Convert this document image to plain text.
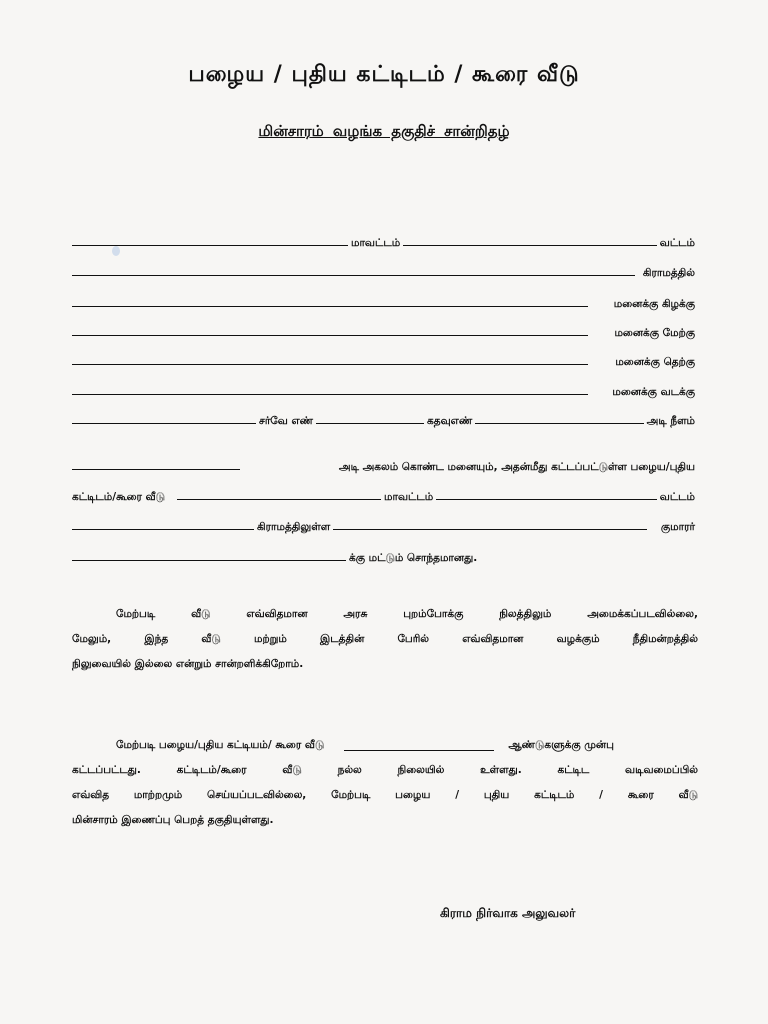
பழைய / புதிய கட்டிடம் / கூரை வீடு
மின்சாரம் வழங்க தகுதிச் சான்றிதழ்
மாவட்டம்	வட்டம்
கிராமத்தில்
மனைக்கு கிழக்கு
மனைக்கு மேற்கு
மனைக்கு தெற்கு
மனைக்கு வடக்கு
சர்வே எண்	கதவுஎண்	அடி நீளம்
அடி அகலம் கொண்ட மனையும், அதன்மீது கட்டப்பட்டுள்ள பழைய/புதிய
கட்டிடம்/கூரை வீடு	மாவட்டம்	வட்டம்
கிராமத்திலுள்ள	குமாரர்
க்கு மட்டும் சொந்தமானது.
மேற்படி வீடு எவ்விதமான அரசு புறம்போக்கு நிலத்திலும் அமைக்கப்படவில்லை,
மேலும், இந்த வீடு மற்றும் இடத்தின் பேரில் எவ்விதமான வழக்கும் நீதிமன்றத்தில்
நிலுவையில் இல்லை என்றும் சான்றளிக்கிறோம்.
மேற்படி பழைய/புதிய கட்டியம்/ கூரை வீடு	ஆண்டுகளுக்கு முன்பு
கட்டப்பட்டது. கட்டிடம்/கூரை வீடு நல்ல நிலையில் உள்ளது. கட்டிட வடிவமைப்பில்
எவ்வித மாற்றமும் செய்யப்படவில்லை, மேற்படி பழைய / புதிய கட்டிடம் / கூரை வீடு
மின்சாரம் இணைப்பு பெறத் தகுதியுள்ளது.
கிராம நிர்வாக அலுவலர்
